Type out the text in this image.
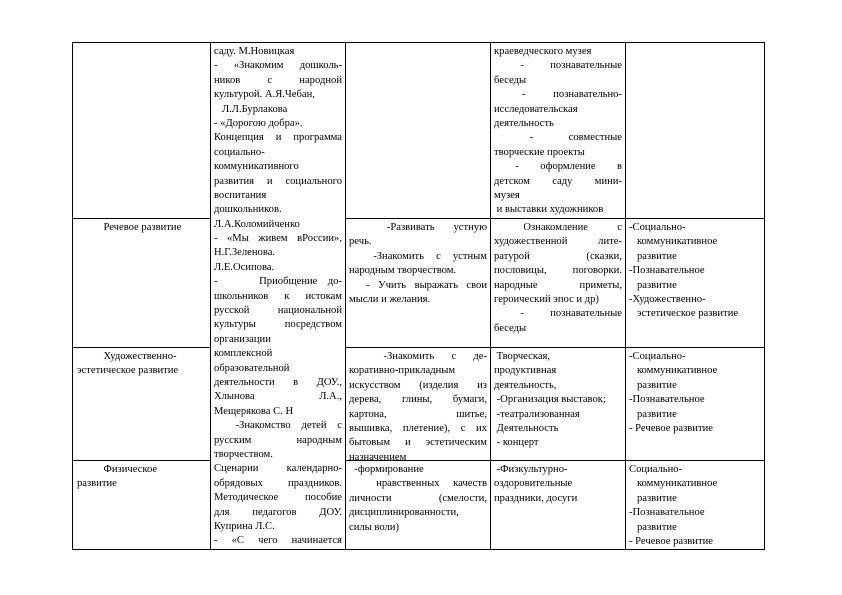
саду. М.Новицкая
- «Знакомим дошколь-
ников с народной
культурой. А.Я.Чебан,
Л.Л.Бурлакова
- «Дорогою добра».
Концепция и программа
социально-
коммуникативного
развития и социального
воспитания
дошкольников.
Л.А.Коломийченко
- «Мы живем вРоссии»,
Н.Г.Зеленова.
Л.Е.Осипова.
-    Приобщение до-
школьников к истокам
русской национальной
культуры посредством
организации
комплексной
образовательной
деятельности в ДОУ.,
Хлынова Л.А.,
Мещерякова С. Н
-Знакомство детей с
русским народным
творчеством.
Сценарии календарно-
обрядовых праздников.
Методическое пособие
для педагогов ДОУ.
Куприна Л.С.
- «С чего начинается
краеведческого музея
- познавательные
беседы
- познавательно-
исследовательская
деятельность
- совместные
творческие проекты
- оформление в
детском саду мини-
музея
и выставки художников
Речевое развитие	-Развивать устную
речь.
-Знакомить с устным
народным творчеством.
- Учить выражать свои
мысли и желания.
Ознакомление с
художественной лите-
ратурой (сказки,
пословицы, поговорки.
народные приметы,
героический эпос и др)
- познавательные
беседы
-Социально-
коммуникативное
развитие
-Познавательное
развитие
-Художественно-
эстетическое развитие
Художественно-
эстетическое развитие
-Знакомить с де-
коративно-прикладным
искусством (изделия из
дерева, глины, бумаги,
картона, шитье,
вышивка, плетение), с их
бытовым и эстетическим
назначением
Творческая,
продуктивная
деятельность,
-Организация выставок;
-театрализованная
Деятельность
- концерт
-Социально-
коммуникативное
развитие
-Познавательное
развитие
- Речевое развитие
Физическое
развитие
-формирование
нравственных качеств
личности (смелости,
дисциплинированности,
силы воли)
-Физкультурно-
оздоровительные
праздники, досуги
Социально-
коммуникативное
развитие
-Познавательное
развитие
- Речевое развитие
